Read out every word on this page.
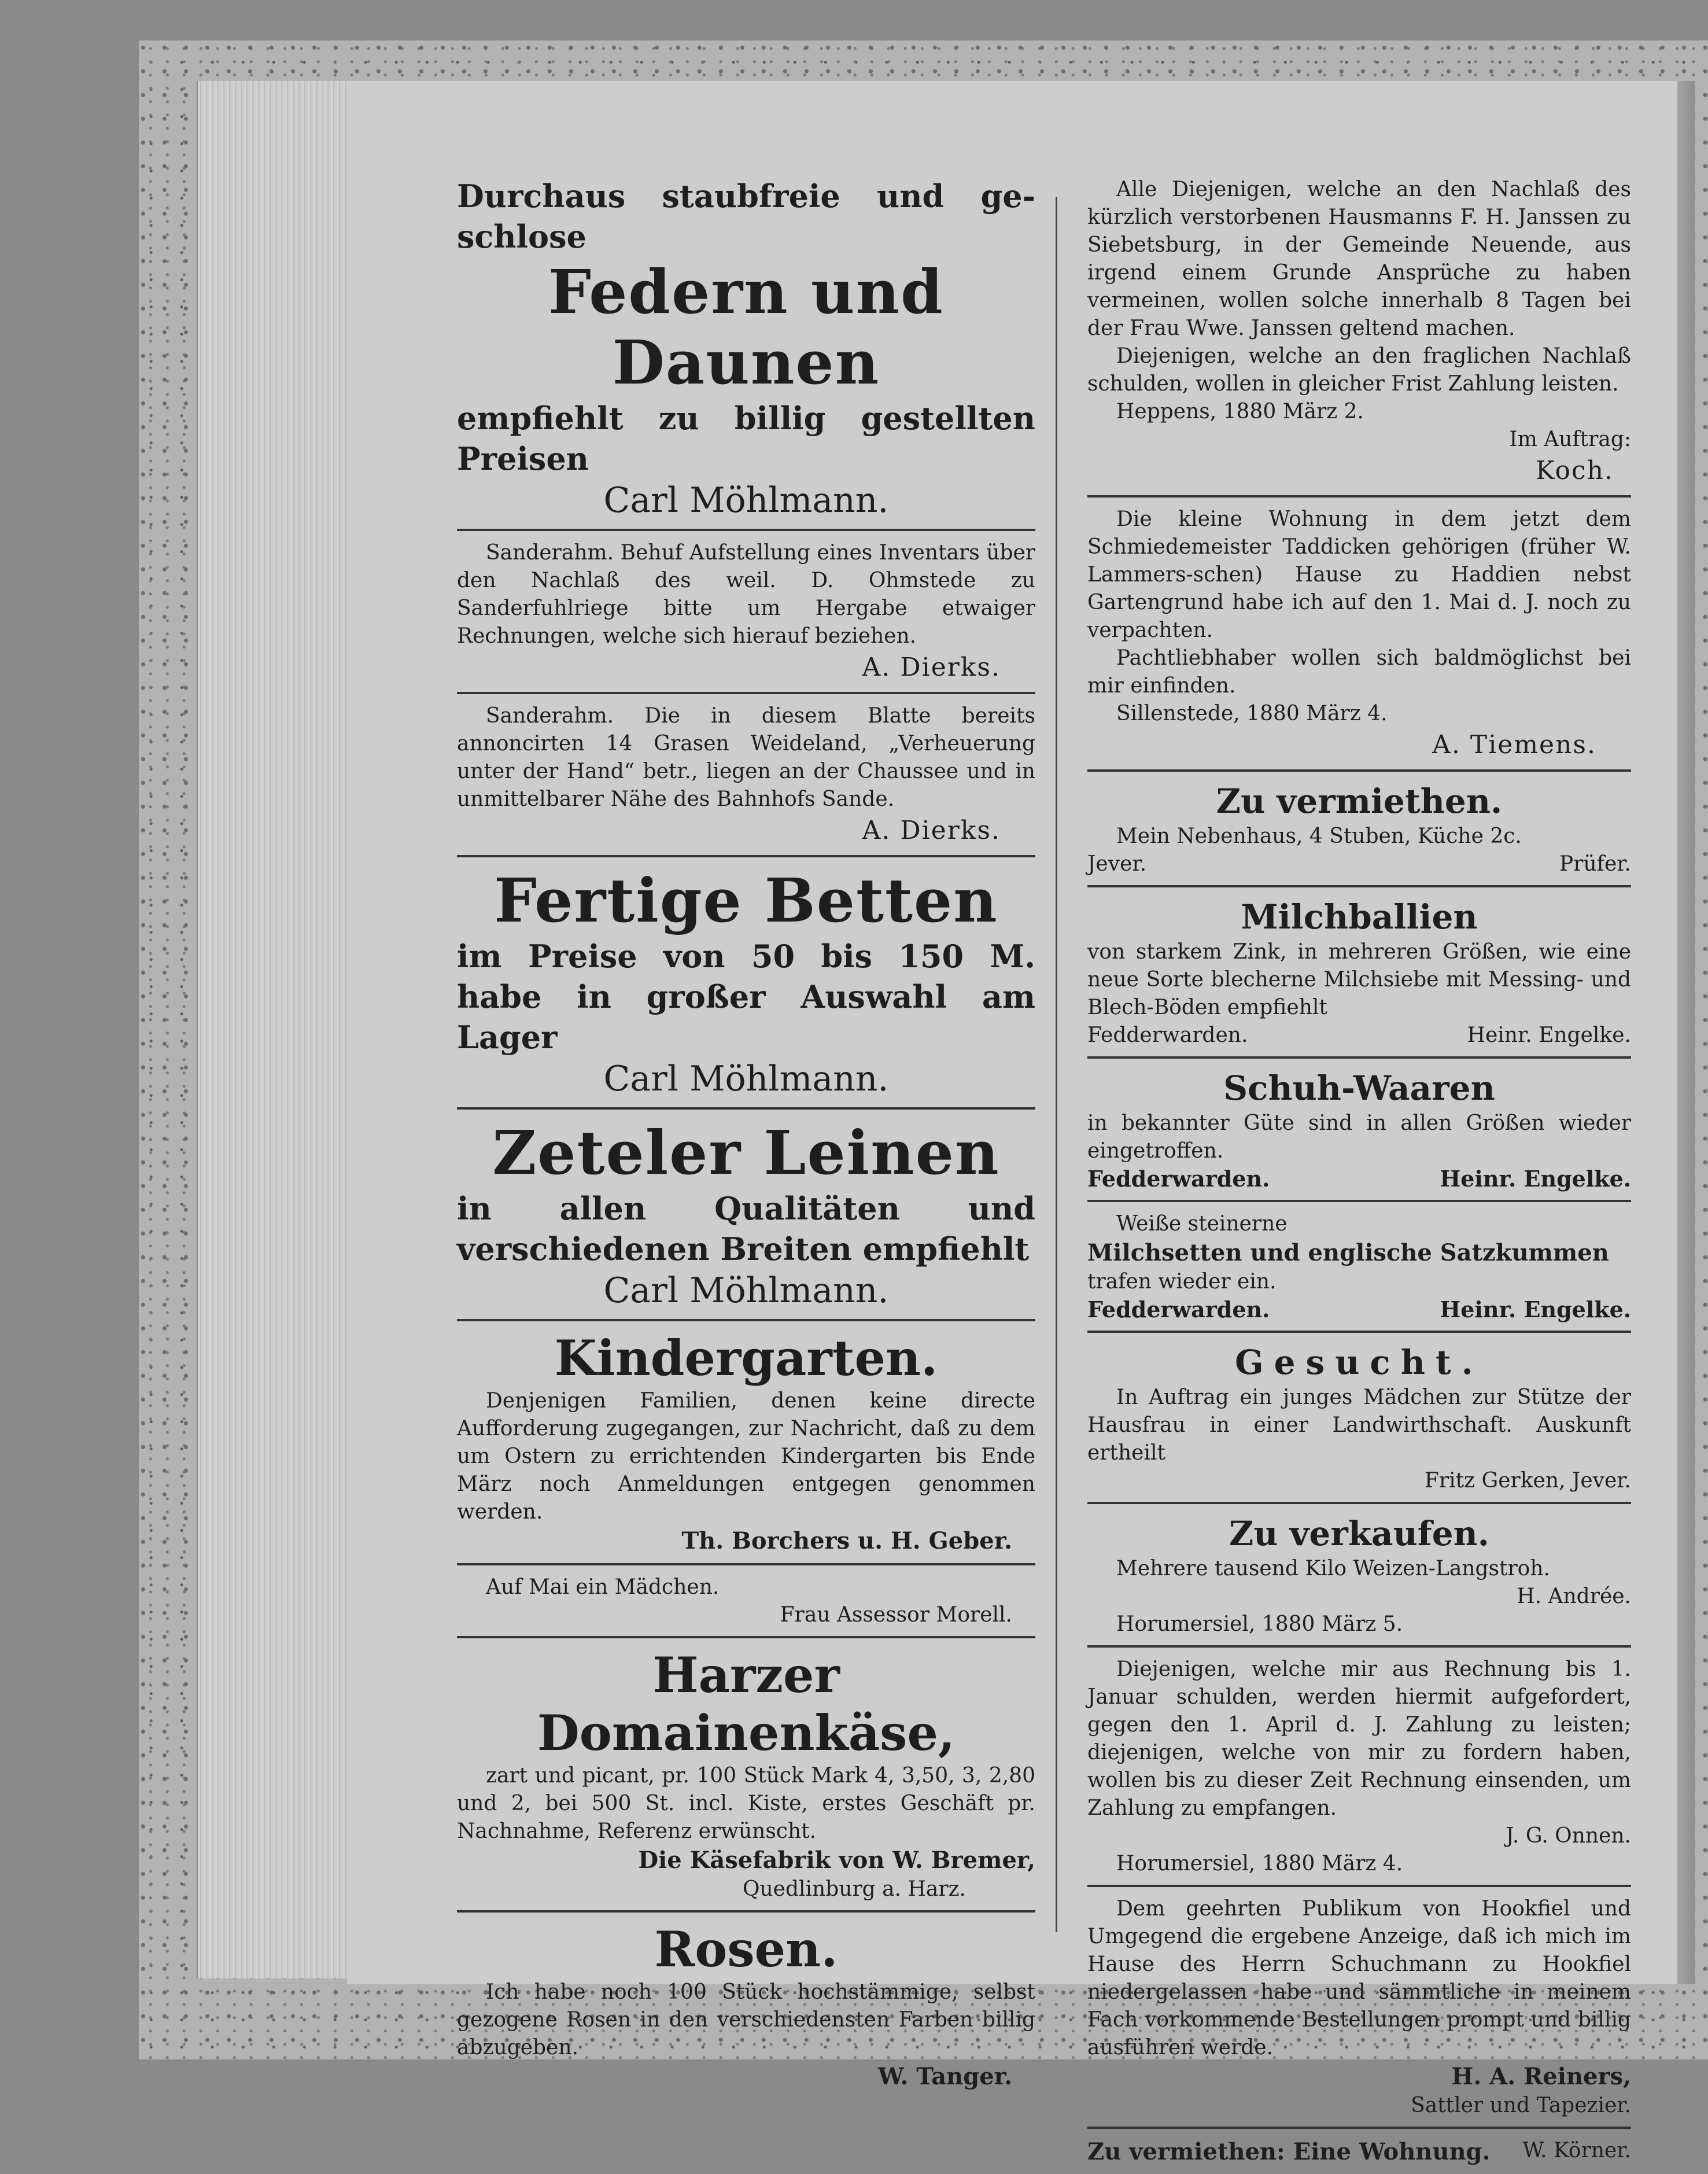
Durchaus staubfreie und ge-schlose
Federn und Daunen
empfiehlt zu billig gestellten Preisen
Carl Möhlmann.
Sanderahm. Behuf Aufstellung eines Inventars über den Nachlaß des weil. D. Ohmstede zu Sanderfuhlriege bitte um Hergabe etwaiger Rechnungen, welche sich hierauf beziehen.
A. Dierks.
Sanderahm. Die in diesem Blatte bereits annoncirten 14 Grasen Weideland, „Verheuerung unter der Hand“ betr., liegen an der Chaussee und in unmittelbarer Nähe des Bahnhofs Sande.
A. Dierks.
Fertige Betten
im Preise von 50 bis 150 M. habe in großer Auswahl am Lager
Carl Möhlmann.
Zeteler Leinen
in allen Qualitäten und verschiedenen Breiten empfiehlt
Carl Möhlmann.
Kindergarten.
Denjenigen Familien, denen keine directe Aufforderung zugegangen, zur Nachricht, daß zu dem um Ostern zu errichtenden Kindergarten bis Ende März noch Anmeldungen entgegen genommen werden.
Th. Borchers u. H. Geber.
Auf Mai ein Mädchen.
Frau Assessor Morell.
Harzer Domainenkäse,
zart und picant, pr. 100 Stück Mark 4, 3,50, 3, 2,80 und 2, bei 500 St. incl. Kiste, erstes Geschäft pr. Nachnahme, Referenz erwünscht.
Die Käsefabrik von W. Bremer,
Quedlinburg a. Harz.
Rosen.
Ich habe noch 100 Stück hochstämmige, selbst gezogene Rosen in den verschiedensten Farben billig abzugeben.
W. Tanger.
Alle Diejenigen, welche an den Nachlaß des kürzlich verstorbenen Hausmanns F. H. Janssen zu Siebetsburg, in der Gemeinde Neuende, aus irgend einem Grunde Ansprüche zu haben vermeinen, wollen solche innerhalb 8 Tagen bei der Frau Wwe. Janssen geltend machen.
Diejenigen, welche an den fraglichen Nachlaß schulden, wollen in gleicher Frist Zahlung leisten.
Heppens, 1880 März 2.
Im Auftrag:
Koch.
Die kleine Wohnung in dem jetzt dem Schmiedemeister Taddicken gehörigen (früher W. Lammers-schen) Hause zu Haddien nebst Gartengrund habe ich auf den 1. Mai d. J. noch zu verpachten.
Pachtliebhaber wollen sich baldmöglichst bei mir einfinden.
Sillenstede, 1880 März 4.
A. Tiemens.
Zu vermiethen.
Mein Nebenhaus, 4 Stuben, Küche 2c.
Jever.	Prüfer.
Milchballien
von starkem Zink, in mehreren Größen, wie eine neue Sorte blecherne Milchsiebe mit Messing- und Blech-Böden empfiehlt
Fedderwarden.	Heinr. Engelke.
Schuh-Waaren
in bekannter Güte sind in allen Größen wieder eingetroffen.
Fedderwarden.	Heinr. Engelke.
Weiße steinerne
Milchsetten und englische Satzkummen
trafen wieder ein.
Fedderwarden.	Heinr. Engelke.
Gesucht.
In Auftrag ein junges Mädchen zur Stütze der Hausfrau in einer Landwirthschaft. Auskunft ertheilt
Fritz Gerken, Jever.
Zu verkaufen.
Mehrere tausend Kilo Weizen-Langstroh.
H. Andrée.
Horumersiel, 1880 März 5.
Diejenigen, welche mir aus Rechnung bis 1. Januar schulden, werden hiermit aufgefordert, gegen den 1. April d. J. Zahlung zu leisten; diejenigen, welche von mir zu fordern haben, wollen bis zu dieser Zeit Rechnung einsenden, um Zahlung zu empfangen.
J. G. Onnen.
Horumersiel, 1880 März 4.
Dem geehrten Publikum von Hookfiel und Umgegend die ergebene Anzeige, daß ich mich im Hause des Herrn Schuchmann zu Hookfiel niedergelassen habe und sämmtliche in meinem Fach vorkommende Bestellungen prompt und billig ausführen werde.
H. A. Reiners,
Sattler und Tapezier.
Zu vermiethen: Eine Wohnung. W. Körner.
